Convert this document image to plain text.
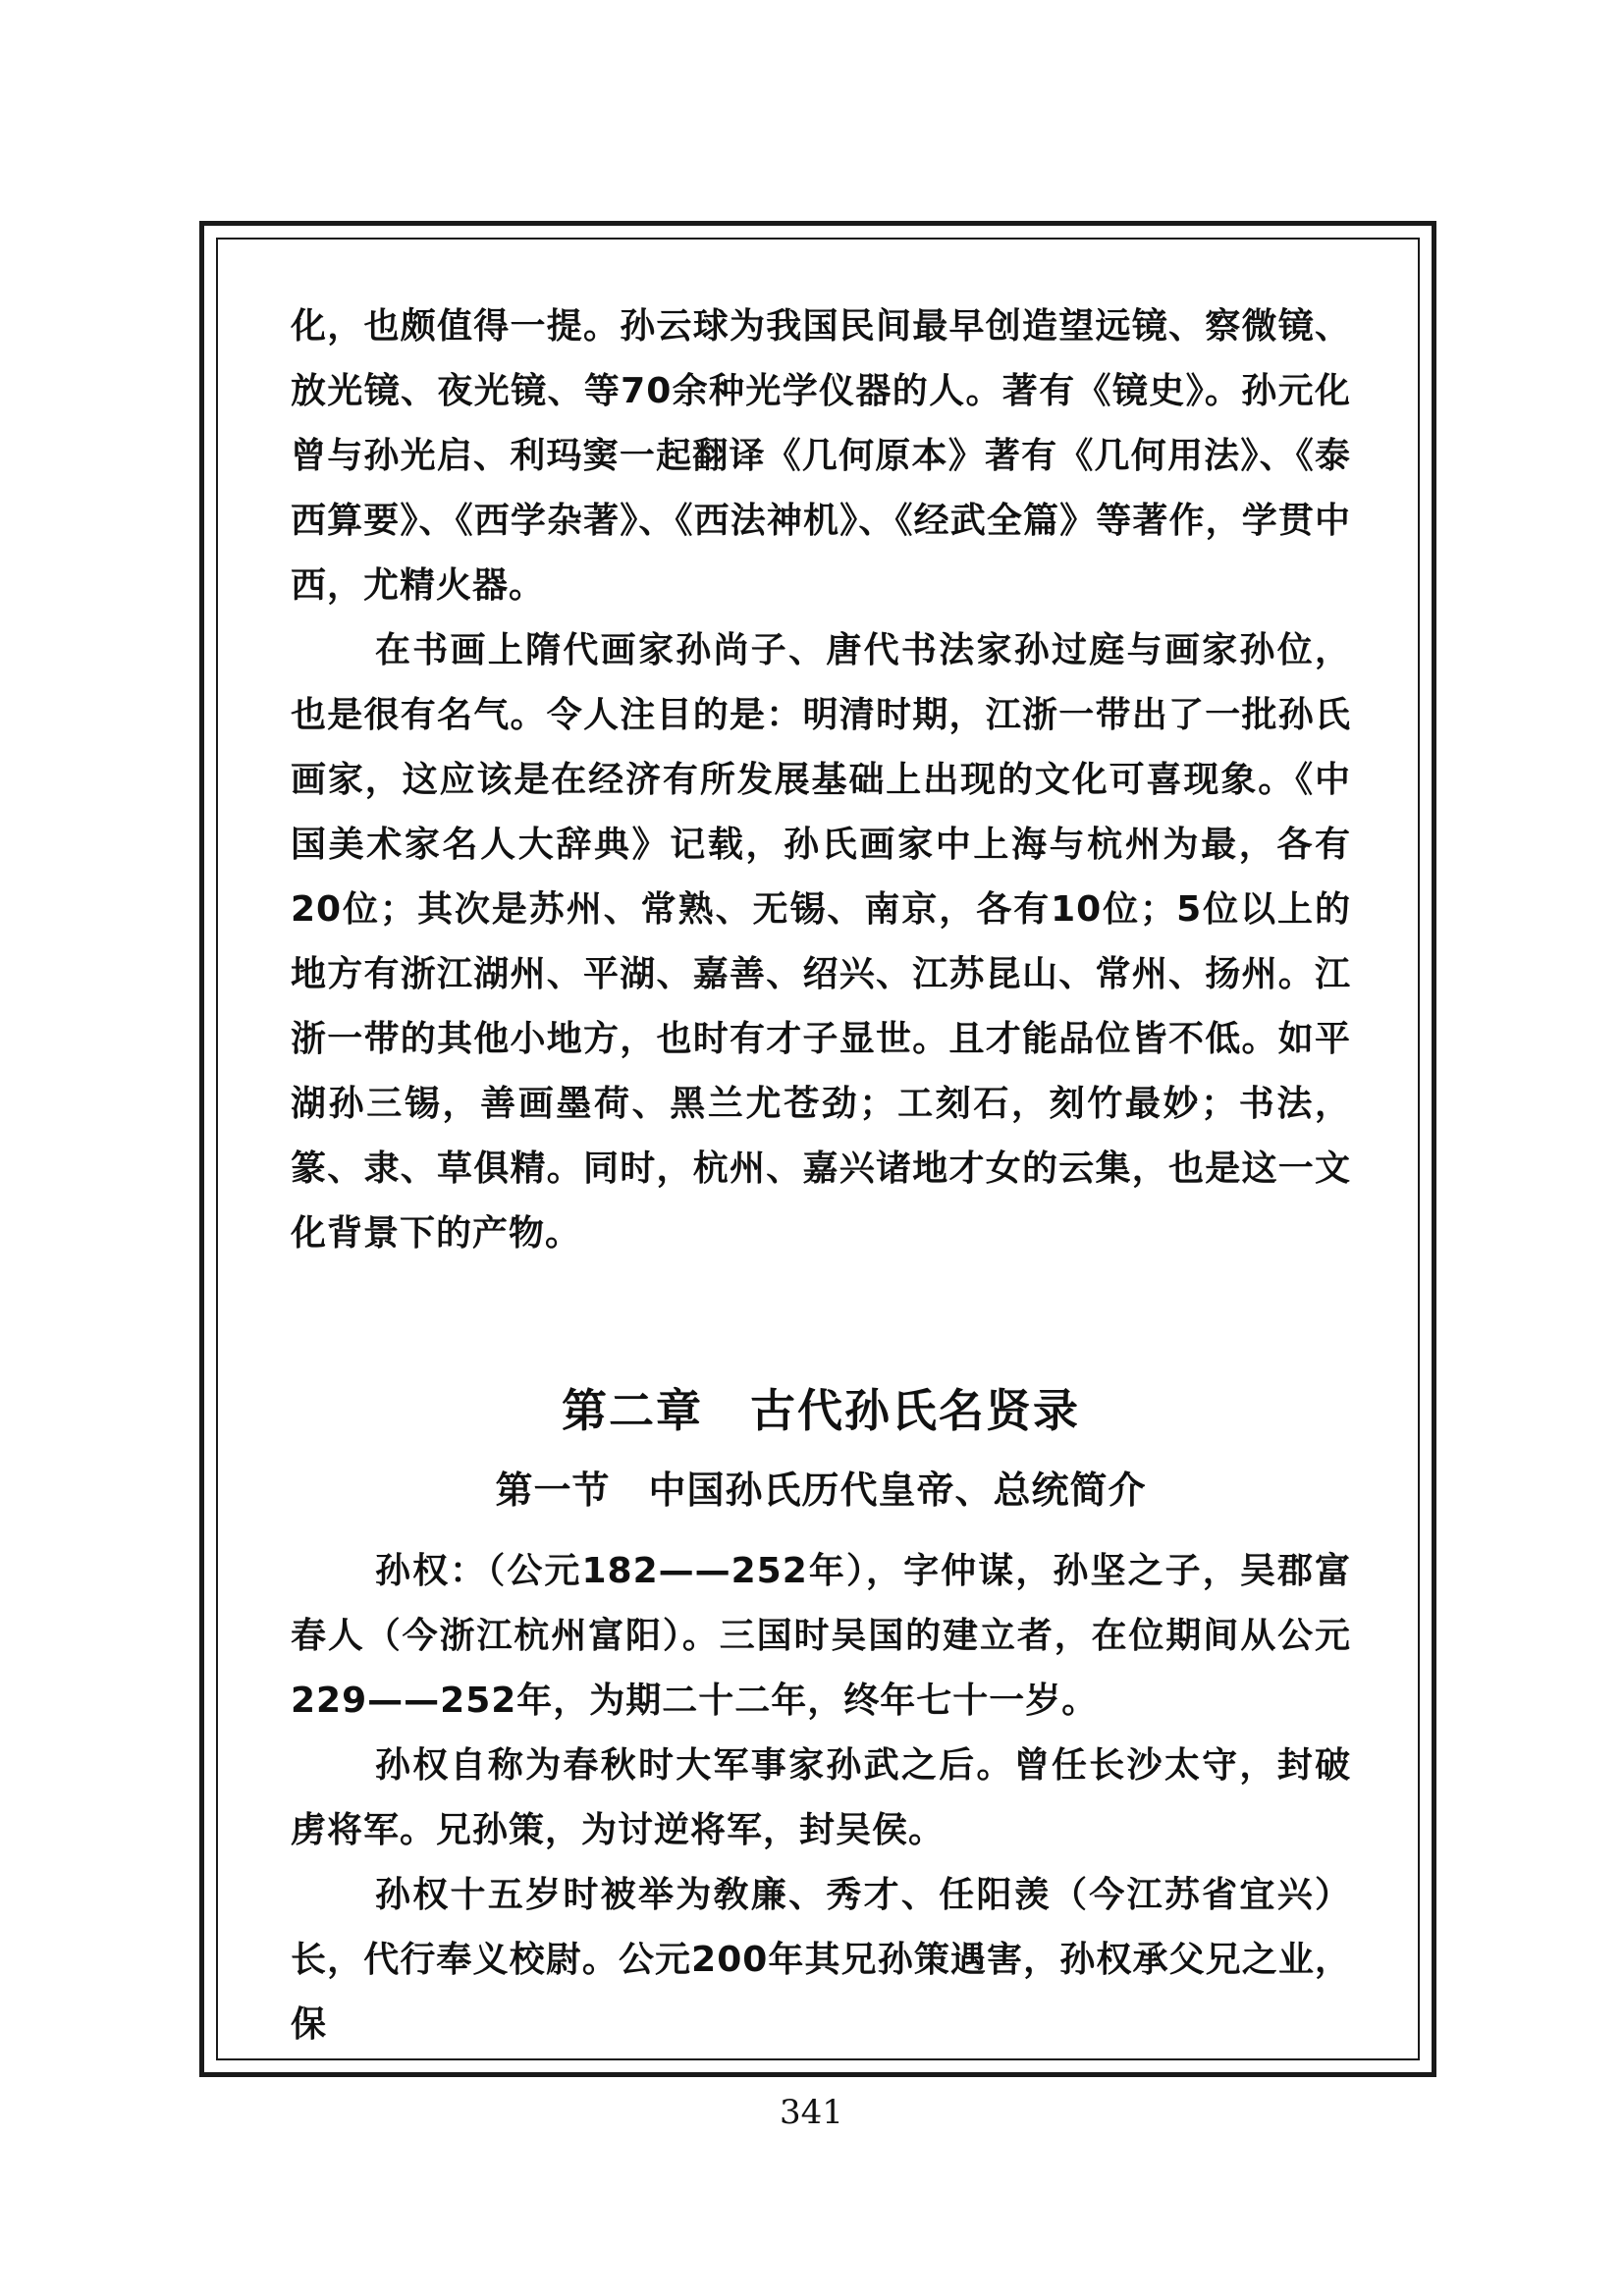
化，也颇值得一提。孙云球为我国民间最早创造望远镜、察微镜、放光镜、夜光镜、等70余种光学仪器的人。著有《镜史》。孙元化曾与孙光启、利玛窦一起翻译《几何原本》著有《几何用法》、《泰西算要》、《西学杂著》、《西法神机》、《经武全篇》等著作，学贯中西，尤精火器。

在书画上隋代画家孙尚子、唐代书法家孙过庭与画家孙位，也是很有名气。令人注目的是：明清时期，江浙一带出了一批孙氏画家，这应该是在经济有所发展基础上出现的文化可喜现象。《中国美术家名人大辞典》记载，孙氏画家中上海与杭州为最，各有20位；其次是苏州、常熟、无锡、南京，各有10位；5位以上的地方有浙江湖州、平湖、嘉善、绍兴、江苏昆山、常州、扬州。江浙一带的其他小地方，也时有才子显世。且才能品位皆不低。如平湖孙三锡，善画墨荷、黑兰尤苍劲；工刻石，刻竹最妙；书法，篆、隶、草俱精。同时，杭州、嘉兴诸地才女的云集，也是这一文化背景下的产物。

第二章　古代孙氏名贤录
第一节　中国孙氏历代皇帝、总统简介

孙权：（公元182——252年），字仲谋，孙坚之子，吴郡富春人（今浙江杭州富阳）。三国时吴国的建立者，在位期间从公元229——252年，为期二十二年，终年七十一岁。

孙权自称为春秋时大军事家孙武之后。曾任长沙太守，封破虏将军。兄孙策，为讨逆将军，封吴侯。

孙权十五岁时被举为敎廉、秀才、任阳羡（今江苏省宜兴）长，代行奉义校尉。公元200年其兄孙策遇害，孙权承父兄之业，保

341
